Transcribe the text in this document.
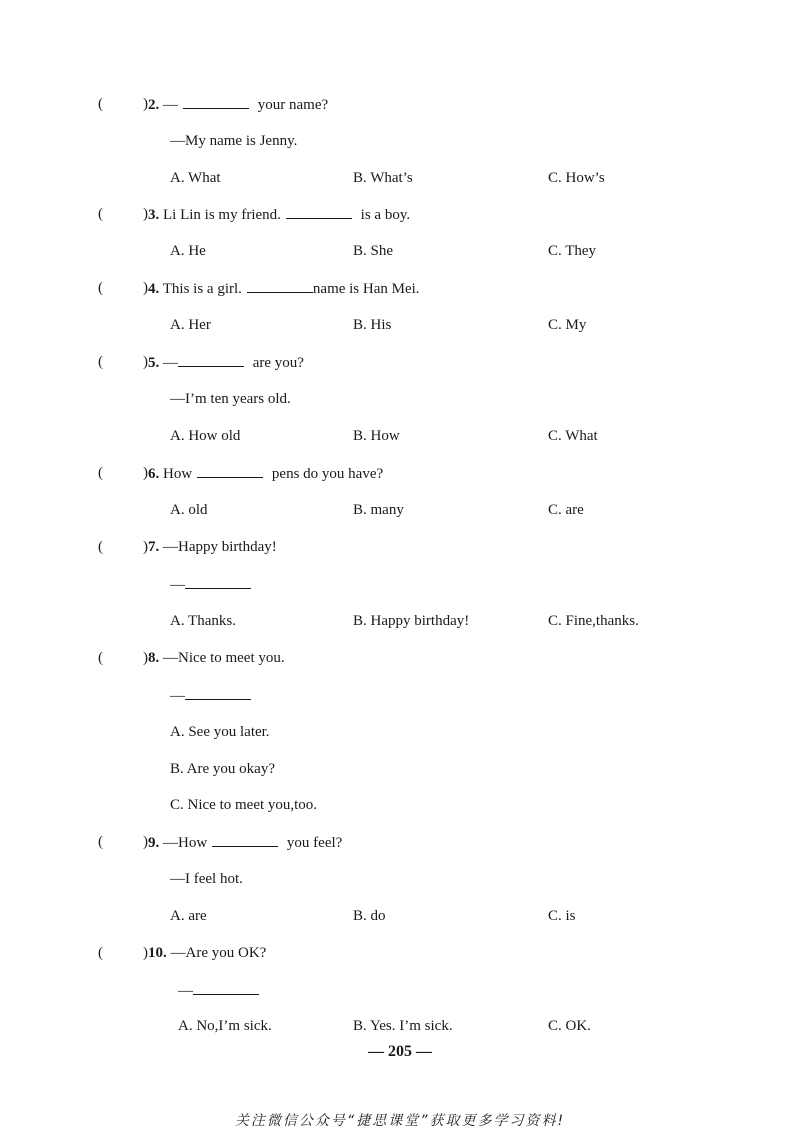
(	) 2. —	your name?
—My name is Jenny.
A. What	B. What’s	C. How’s
(	) 3. Li Lin is my friend.	is a boy.
A. He	B. She	C. They
(	) 4. This is a girl.	name is Han Mei.
A. Her	B. His	C. My
(	) 5. —	are you?
—I’m ten years old.
A. How old	B. How	C. What
(	) 6. How	pens do you have?
A. old	B. many	C. are
(	) 7. —Happy birthday!
—
A. Thanks.	B. Happy birthday!	C. Fine,thanks.
(	) 8. —Nice to meet you.
—
A. See you later.
B. Are you okay?
C. Nice to meet you,too.
(	) 9. —How	you feel?
—I feel hot.
A. are	B. do	C. is
(	) 10. —Are you OK?
—
A. No,I’m sick.	B. Yes. I’m sick.	C. OK.
— 205 —
关注微信公众号“捷思课堂”获取更多学习资料!
